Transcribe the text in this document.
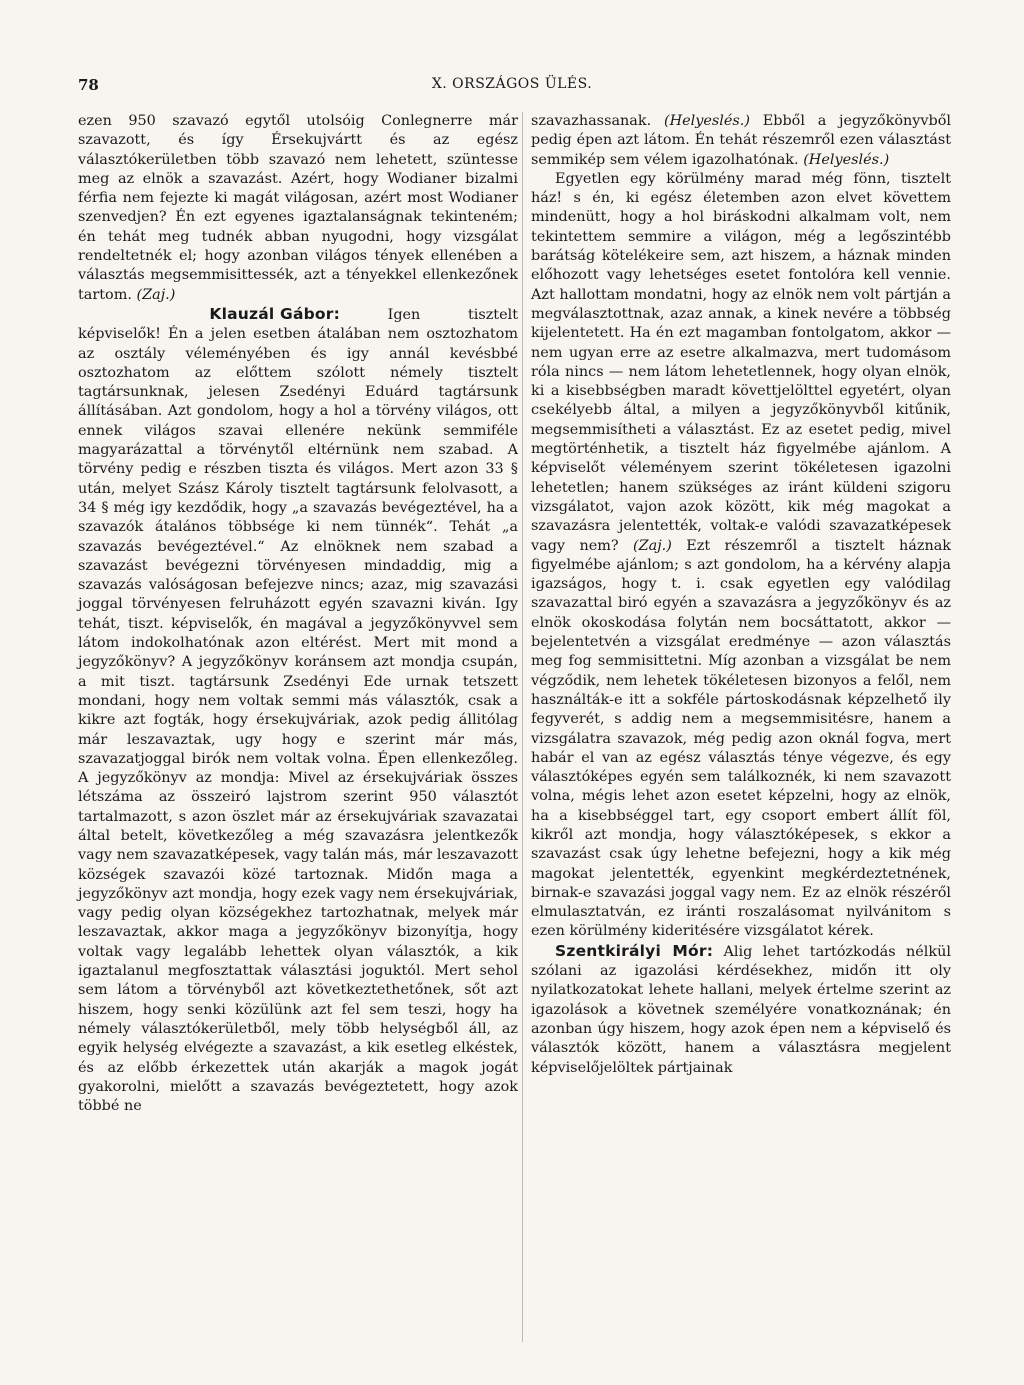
78	X. ORSZÁGOS ÜLÉS.

ezen 950 szavazó egytől utolsóig Conlegnerre már szavazott, és így Érsekujvártt és az egész választókerületben több szavazó nem lehetett, szüntesse meg az elnök a szavazást. Azért, hogy Wodianer bizalmi férfia nem fejezte ki magát világosan, azért most Wodianer szenvedjen? Én ezt egyenes igaztalanságnak tekinteném; én tehát meg tudnék abban nyugodni, hogy vizsgálat rendeltetnék el; hogy azonban világos tények ellenében a választás megsemmisittessék, azt a tényekkel ellenkezőnek tartom. (Zaj.)

Klauzál Gábor:	Igen tisztelt képviselők! Én a jelen esetben átalában nem osztozhatom az osztály véleményében és igy annál kevésbbé osztozhatom az előttem szólott némely tisztelt tagtársunknak, jelesen Zsedényi Eduárd tagtársunk állításában. Azt gondolom, hogy a hol a törvény világos, ott ennek világos szavai ellenére nekünk semmiféle magyarázattal a törvénytől eltérnünk nem szabad. A törvény pedig e részben tiszta és világos. Mert azon 33 § után, melyet Szász Károly tisztelt tagtársunk felolvasott, a 34 § még igy kezdődik, hogy „a szavazás bevégeztével, ha a szavazók átalános többsége ki nem tünnék“. Tehát „a szavazás bevégeztével.“ Az elnöknek nem szabad a szavazást bevégezni törvényesen mindaddig, mig a szavazás valóságosan befejezve nincs; azaz, mig szavazási joggal törvényesen felruházott egyén szavazni kiván. Igy tehát, tiszt. képviselők, én magával a jegyzőkönyvvel sem látom indokolhatónak azon eltérést. Mert mit mond a jegyzőkönyv? A jegyzőkönyv koránsem azt mondja csupán, a mit tiszt. tagtársunk Zsedényi Ede urnak tetszett mondani, hogy nem voltak semmi más választók, csak a kikre azt fogták, hogy érsekujváriak, azok pedig állitólag már leszavaztak, ugy hogy e szerint már más, szavazatjoggal birók nem voltak volna. Épen ellenkezőleg. A jegyzőkönyv az mondja: Mivel az érsekujváriak összes létszáma az összeiró lajstrom szerint 950 választót tartalmazott, s azon öszlet már az érsekujváriak szavazatai által betelt, következőleg a még szavazásra jelentkezők vagy nem szavazatképesek, vagy talán más, már leszavazott községek szavazói közé tartoznak. Midőn maga a jegyzőkönyv azt mondja, hogy ezek vagy nem érsekujváriak, vagy pedig olyan községekhez tartozhatnak, melyek már leszavaztak, akkor maga a jegyzőkönyv bizonyítja, hogy voltak vagy legalább lehettek olyan választók, a kik igaztalanul megfosztattak választási joguktól. Mert sehol sem látom a törvényből azt következtethetőnek, sőt azt hiszem, hogy senki közülünk azt fel sem teszi, hogy ha némely választókerületből, mely több helységből áll, az egyik helység elvégezte a szavazást, a kik esetleg elkéstek, és az előbb érkezettek után akarják a magok jogát gyakorolni, mielőtt a szavazás bevégeztetett, hogy azok többé ne

szavazhassanak. (Helyeslés.) Ebből a jegyzőkönyvből pedig épen azt látom. Én tehát részemről ezen választást semmikép sem vélem igazolhatónak. (Helyeslés.)

Egyetlen egy körülmény marad még fönn, tisztelt ház! s én, ki egész életemben azon elvet követtem mindenütt, hogy a hol biráskodni alkalmam volt, nem tekintettem semmire a világon, még a legőszintébb barátság kötelékeire sem, azt hiszem, a háznak minden előhozott vagy lehetséges esetet fontolóra kell vennie. Azt hallottam mondatni, hogy az elnök nem volt pártján a megválasztottnak, azaz annak, a kinek nevére a többség kijelentetett. Ha én ezt magamban fontolgatom, akkor — nem ugyan erre az esetre alkalmazva, mert tudomásom róla nincs — nem látom lehetetlennek, hogy olyan elnök, ki a kisebbségben maradt követtjelölttel egyetért, olyan csekélyebb által, a milyen a jegyzőkönyvből kitűnik, megsemmisítheti a választást. Ez az esetet pedig, mivel megtörténhetik, a tisztelt ház figyelmébe ajánlom. A képviselőt véleményem szerint tökéletesen igazolni lehetetlen; hanem szükséges az iránt küldeni szigoru vizsgálatot, vajon azok között, kik még magokat a szavazásra jelentették, voltak-e valódi szavazatképesek vagy nem? (Zaj.) Ezt részemről a tisztelt háznak figyelmébe ajánlom; s azt gondolom, ha a kérvény alapja igazságos, hogy t. i. csak egyetlen egy valódilag szavazattal biró egyén a szavazásra a jegyzőkönyv és az elnök okoskodása folytán nem bocsáttatott, akkor — bejelentetvén a vizsgálat eredménye — azon választás meg fog semmisittetni. Míg azonban a vizsgálat be nem végződik, nem lehetek tökéletesen bizonyos a felől, nem használták-e itt a sokféle pártoskodásnak képzelhető ily fegyverét, s addig nem a megsemmisitésre, hanem a vizsgálatra szavazok, még pedig azon oknál fogva, mert habár el van az egész választás ténye végezve, és egy választóképes egyén sem találkoznék, ki nem szavazott volna, mégis lehet azon esetet képzelni, hogy az elnök, ha a kisebbséggel tart, egy csoport embert állít föl, kikről azt mondja, hogy választóképesek, s ekkor a szavazást csak úgy lehetne befejezni, hogy a kik még magokat jelentették, egyenkint megkérdeztetnének, birnak-e szavazási joggal vagy nem. Ez az elnök részéről elmulasztatván, ez iránti roszalásomat nyilvánitom s ezen körülmény kideritésére vizsgálatot kérek.

Szentkirályi Mór: Alig lehet tartózkodás nélkül szólani az igazolási kérdésekhez, midőn itt oly nyilatkozatokat lehete hallani, melyek értelme szerint az igazolások a követnek személyére vonatkoznának; én azonban úgy hiszem, hogy azok épen nem a képviselő és választók között, hanem a választásra megjelent képviselőjelöltek pártjainak
